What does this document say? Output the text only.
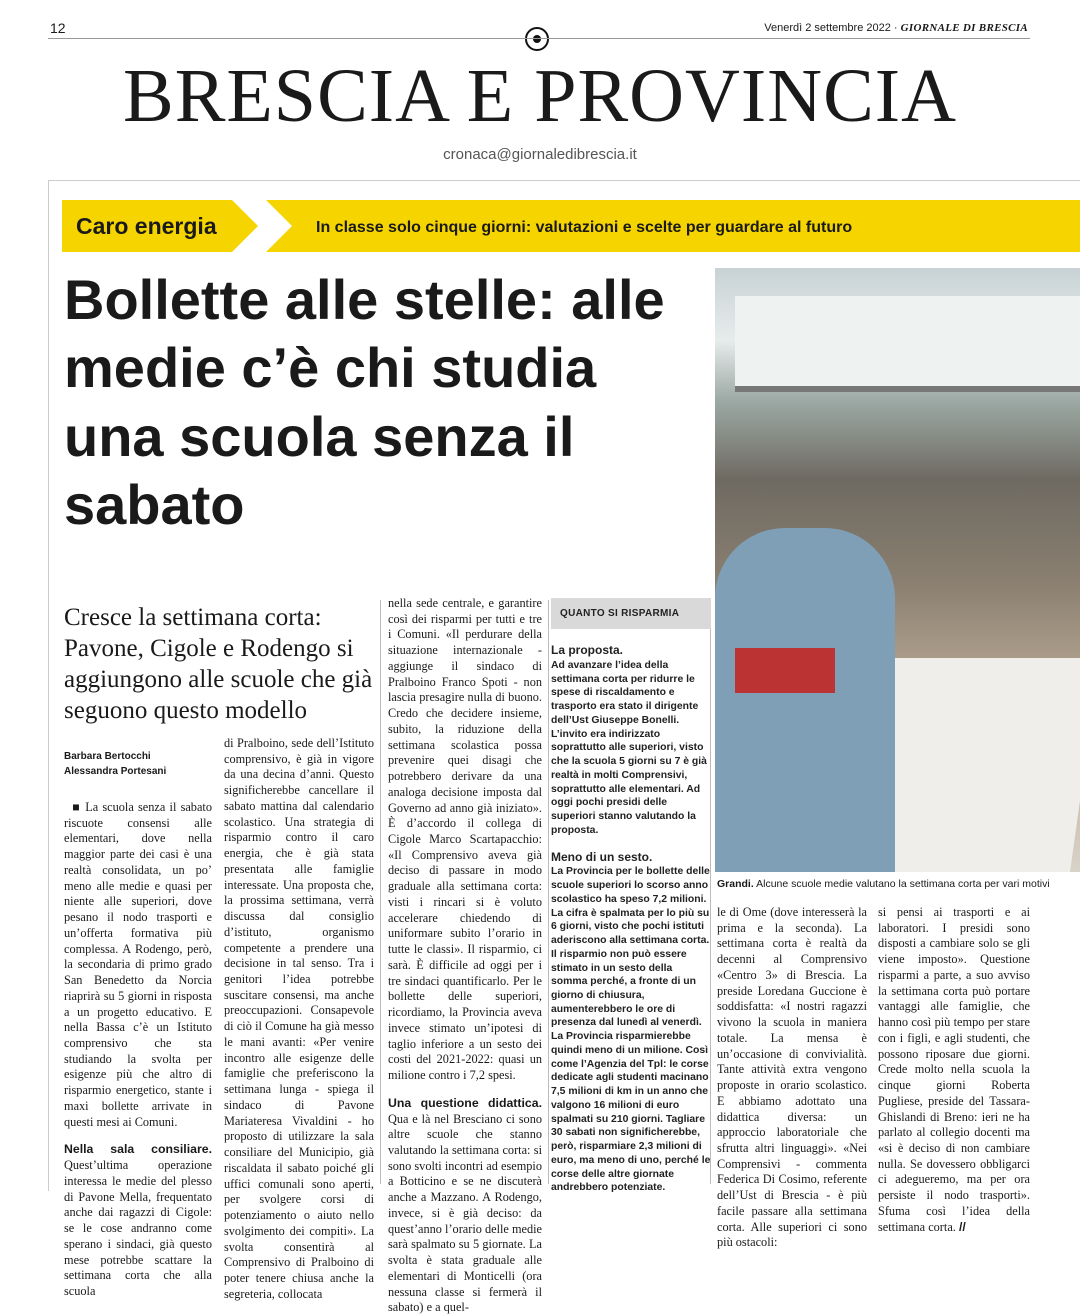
12	Venerdì 2 settembre 2022 · GIORNALE DI BRESCIA
BRESCIA E PROVINCIA
cronaca@giornaledibrescia.it
Caro energia	In classe solo cinque giorni: valutazioni e scelte per guardare al futuro
Bollette alle stelle: alle medie c’è chi studia una scuola senza il sabato
Grandi. Alcune scuole medie valutano la settimana corta per vari motivi
Cresce la settimana corta: Pavone, Cigole e Rodengo si aggiungono alle scuole che già seguono questo modello
Barbara Bertocchi
Alessandra Portesani

■ La scuola senza il sabato riscuote consensi alle elementari, dove nella maggior parte dei casi è una realtà consolidata, un po’ meno alle medie e quasi per niente alle superiori, dove pesano il nodo trasporti e un’offerta formativa più complessa. A Rodengo, però, la secondaria di primo grado San Benedetto da Norcia riaprirà su 5 giorni in risposta a un progetto educativo. E nella Bassa c’è un Istituto comprensivo che sta studiando la svolta per esigenze più che altro di risparmio energetico, stante i maxi bollette arrivate in questi mesi ai Comuni.

Nella sala consiliare. Quest’ultima operazione interessa le medie del plesso di Pavone Mella, frequentato anche dai ragazzi di Cigole: se le cose andranno come sperano i sindaci, già questo mese potrebbe scattare la settimana corta che alla scuola

di Pralboino, sede dell’Istituto comprensivo, è già in vigore da una decina d’anni. Questo significherebbe cancellare il sabato mattina dal calendario scolastico. Una strategia di risparmio contro il caro energia, che è già stata presentata alle famiglie interessate. Una proposta che, la prossima settimana, verrà discussa dal consiglio d’istituto, organismo competente a prendere una decisione in tal senso. Tra i genitori l’idea potrebbe suscitare consensi, ma anche preoccupazioni. Consapevole di ciò il Comune ha già messo le mani avanti: «Per venire incontro alle esigenze delle famiglie che preferiscono la settimana lunga - spiega il sindaco di Pavone Mariateresa Vivaldini - ho proposto di utilizzare la sala consiliare del Municipio, già riscaldata il sabato poiché gli uffici comunali sono aperti, per svolgere corsi di potenziamento o aiuto nello svolgimento dei compiti». La svolta consentirà al Comprensivo di Pralboino di poter tenere chiusa anche la segreteria, collocata

nella sede centrale, e garantire così dei risparmi per tutti e tre i Comuni. «Il perdurare della situazione internazionale - aggiunge il sindaco di Pralboino Franco Spoti - non lascia presagire nulla di buono. Credo che decidere insieme, subito, la riduzione della settimana scolastica possa prevenire quei disagi che potrebbero derivare da una analoga decisione imposta dal Governo ad anno già iniziato». È d’accordo il collega di Cigole Marco Scartapacchio: «Il Comprensivo aveva già deciso di passare in modo graduale alla settimana corta: visti i rincari si è voluto accelerare chiedendo di uniformare subito l’orario in tutte le classi». Il risparmio, ci sarà. È difficile ad oggi per i tre sindaci quantificarlo. Per le bollette delle superiori, ricordiamo, la Provincia aveva invece stimato un’ipotesi di taglio inferiore a un sesto dei costi del 2021-2022: quasi un milione contro i 7,2 spesi.

Una questione didattica. Qua e là nel Bresciano ci sono altre scuole che stanno valutando la settimana corta: si sono svolti incontri ad esempio a Botticino e se ne discuterà anche a Mazzano. A Rodengo, invece, si è già deciso: da quest’anno l’orario delle medie sarà spalmato su 5 giornate. La svolta è stata graduale alle elementari di Monticelli (ora nessuna classe si fermerà il sabato) e a quel-

QUANTO SI RISPARMIA
La proposta.
Ad avanzare l’idea della settimana corta per ridurre le spese di riscaldamento e trasporto era stato il dirigente dell’Ust Giuseppe Bonelli. L’invito era indirizzato soprattutto alle superiori, visto che la scuola 5 giorni su 7 è già realtà in molti Comprensivi, soprattutto alle elementari. Ad oggi pochi presidi delle superiori stanno valutando la proposta.
Meno di un sesto.
La Provincia per le bollette delle scuole superiori lo scorso anno scolastico ha speso 7,2 milioni. La cifra è spalmata per lo più su 6 giorni, visto che pochi istituti aderiscono alla settimana corta. Il risparmio non può essere stimato in un sesto della somma perché, a fronte di un giorno di chiusura, aumenterebbero le ore di presenza dal lunedì al venerdì. La Provincia risparmierebbe quindi meno di un milione. Così come l’Agenzia del Tpl: le corse dedicate agli studenti macinano 7,5 milioni di km in un anno che valgono 16 milioni di euro spalmati su 210 giorni. Tagliare 30 sabati non significherebbe, però, risparmiare 2,3 milioni di euro, ma meno di uno, perché le corse delle altre giornate andrebbero potenziate.

le di Ome (dove interesserà la prima e la seconda). La settimana corta è realtà da decenni al Comprensivo «Centro 3» di Brescia. La preside Loredana Guccione è soddisfatta: «I nostri ragazzi vivono la scuola in maniera totale. La mensa è un’occasione di convivialità. Tante attività extra vengono proposte in orario scolastico. E abbiamo adottato una didattica diversa: un approccio laboratoriale che sfrutta altri linguaggi». «Nei Comprensivi - commenta Federica Di Cosimo, referente dell’Ust di Brescia - è più facile passare alla settimana corta. Alle superiori ci sono più ostacoli:

si pensi ai trasporti e ai laboratori. I presidi sono disposti a cambiare solo se gli viene imposto». Questione risparmi a parte, a suo avviso la settimana corta può portare vantaggi alle famiglie, che hanno così più tempo per stare con i figli, e agli studenti, che possono riposare due giorni. Crede molto nella scuola la cinque giorni Roberta Pugliese, preside del Tassara-Ghislandi di Breno: ieri ne ha parlato al collegio docenti ma «si è deciso di non cambiare nulla. Se dovessero obbligarci ci adegueremo, ma per ora persiste il nodo trasporti». Sfuma così l’idea della settimana corta. //
